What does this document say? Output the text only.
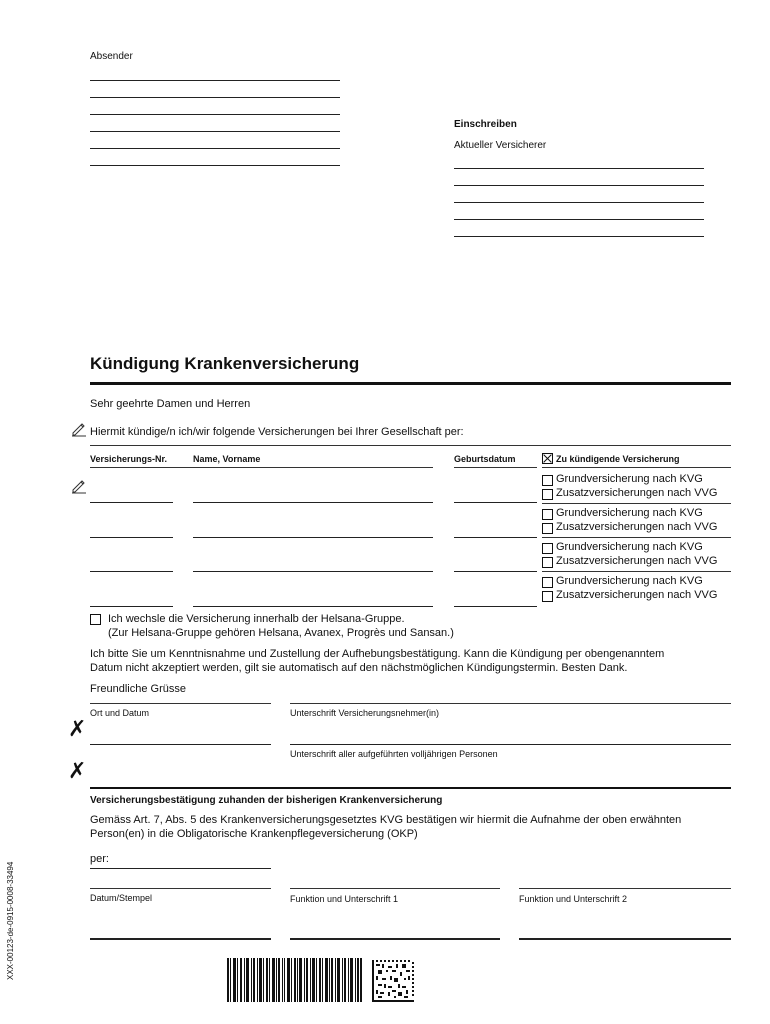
Absender
Einschreiben
Aktueller Versicherer
Kündigung Krankenversicherung
Sehr geehrte Damen und Herren
Hiermit kündige/n ich/wir folgende Versicherungen bei Ihrer Gesellschaft per:
Versicherungs-Nr.	Name, Vorname	Geburtsdatum	Zu kündigende Versicherung
Grundversicherung nach KVG
Zusatzversicherungen nach VVG
Grundversicherung nach KVG
Zusatzversicherungen nach VVG
Grundversicherung nach KVG
Zusatzversicherungen nach VVG
Grundversicherung nach KVG
Zusatzversicherungen nach VVG
Ich wechsle die Versicherung innerhalb der Helsana-Gruppe.
(Zur Helsana-Gruppe gehören Helsana, Avanex, Progrès und Sansan.)
Ich bitte Sie um Kenntnisnahme und Zustellung der Aufhebungsbestätigung. Kann die Kündigung per obengenanntem
Datum nicht akzeptiert werden, gilt sie automatisch auf den nächstmöglichen Kündigungstermin. Besten Dank.
Freundliche Grüsse
Ort und Datum	Unterschrift Versicherungsnehmer(in)
✗
Unterschrift aller aufgeführten volljährigen Personen
✗
Versicherungsbestätigung zuhanden der bisherigen Krankenversicherung
Gemäss Art. 7, Abs. 5 des Krankenversicherungsgesetztes KVG bestätigen wir hiermit die Aufnahme der oben erwähnten
Person(en) in die Obligatorische Krankenpflegeversicherung (OKP)
per:
Datum/Stempel	Funktion und Unterschrift 1	Funktion und Unterschrift 2
XXX-00123-de-0915-0008-33494
